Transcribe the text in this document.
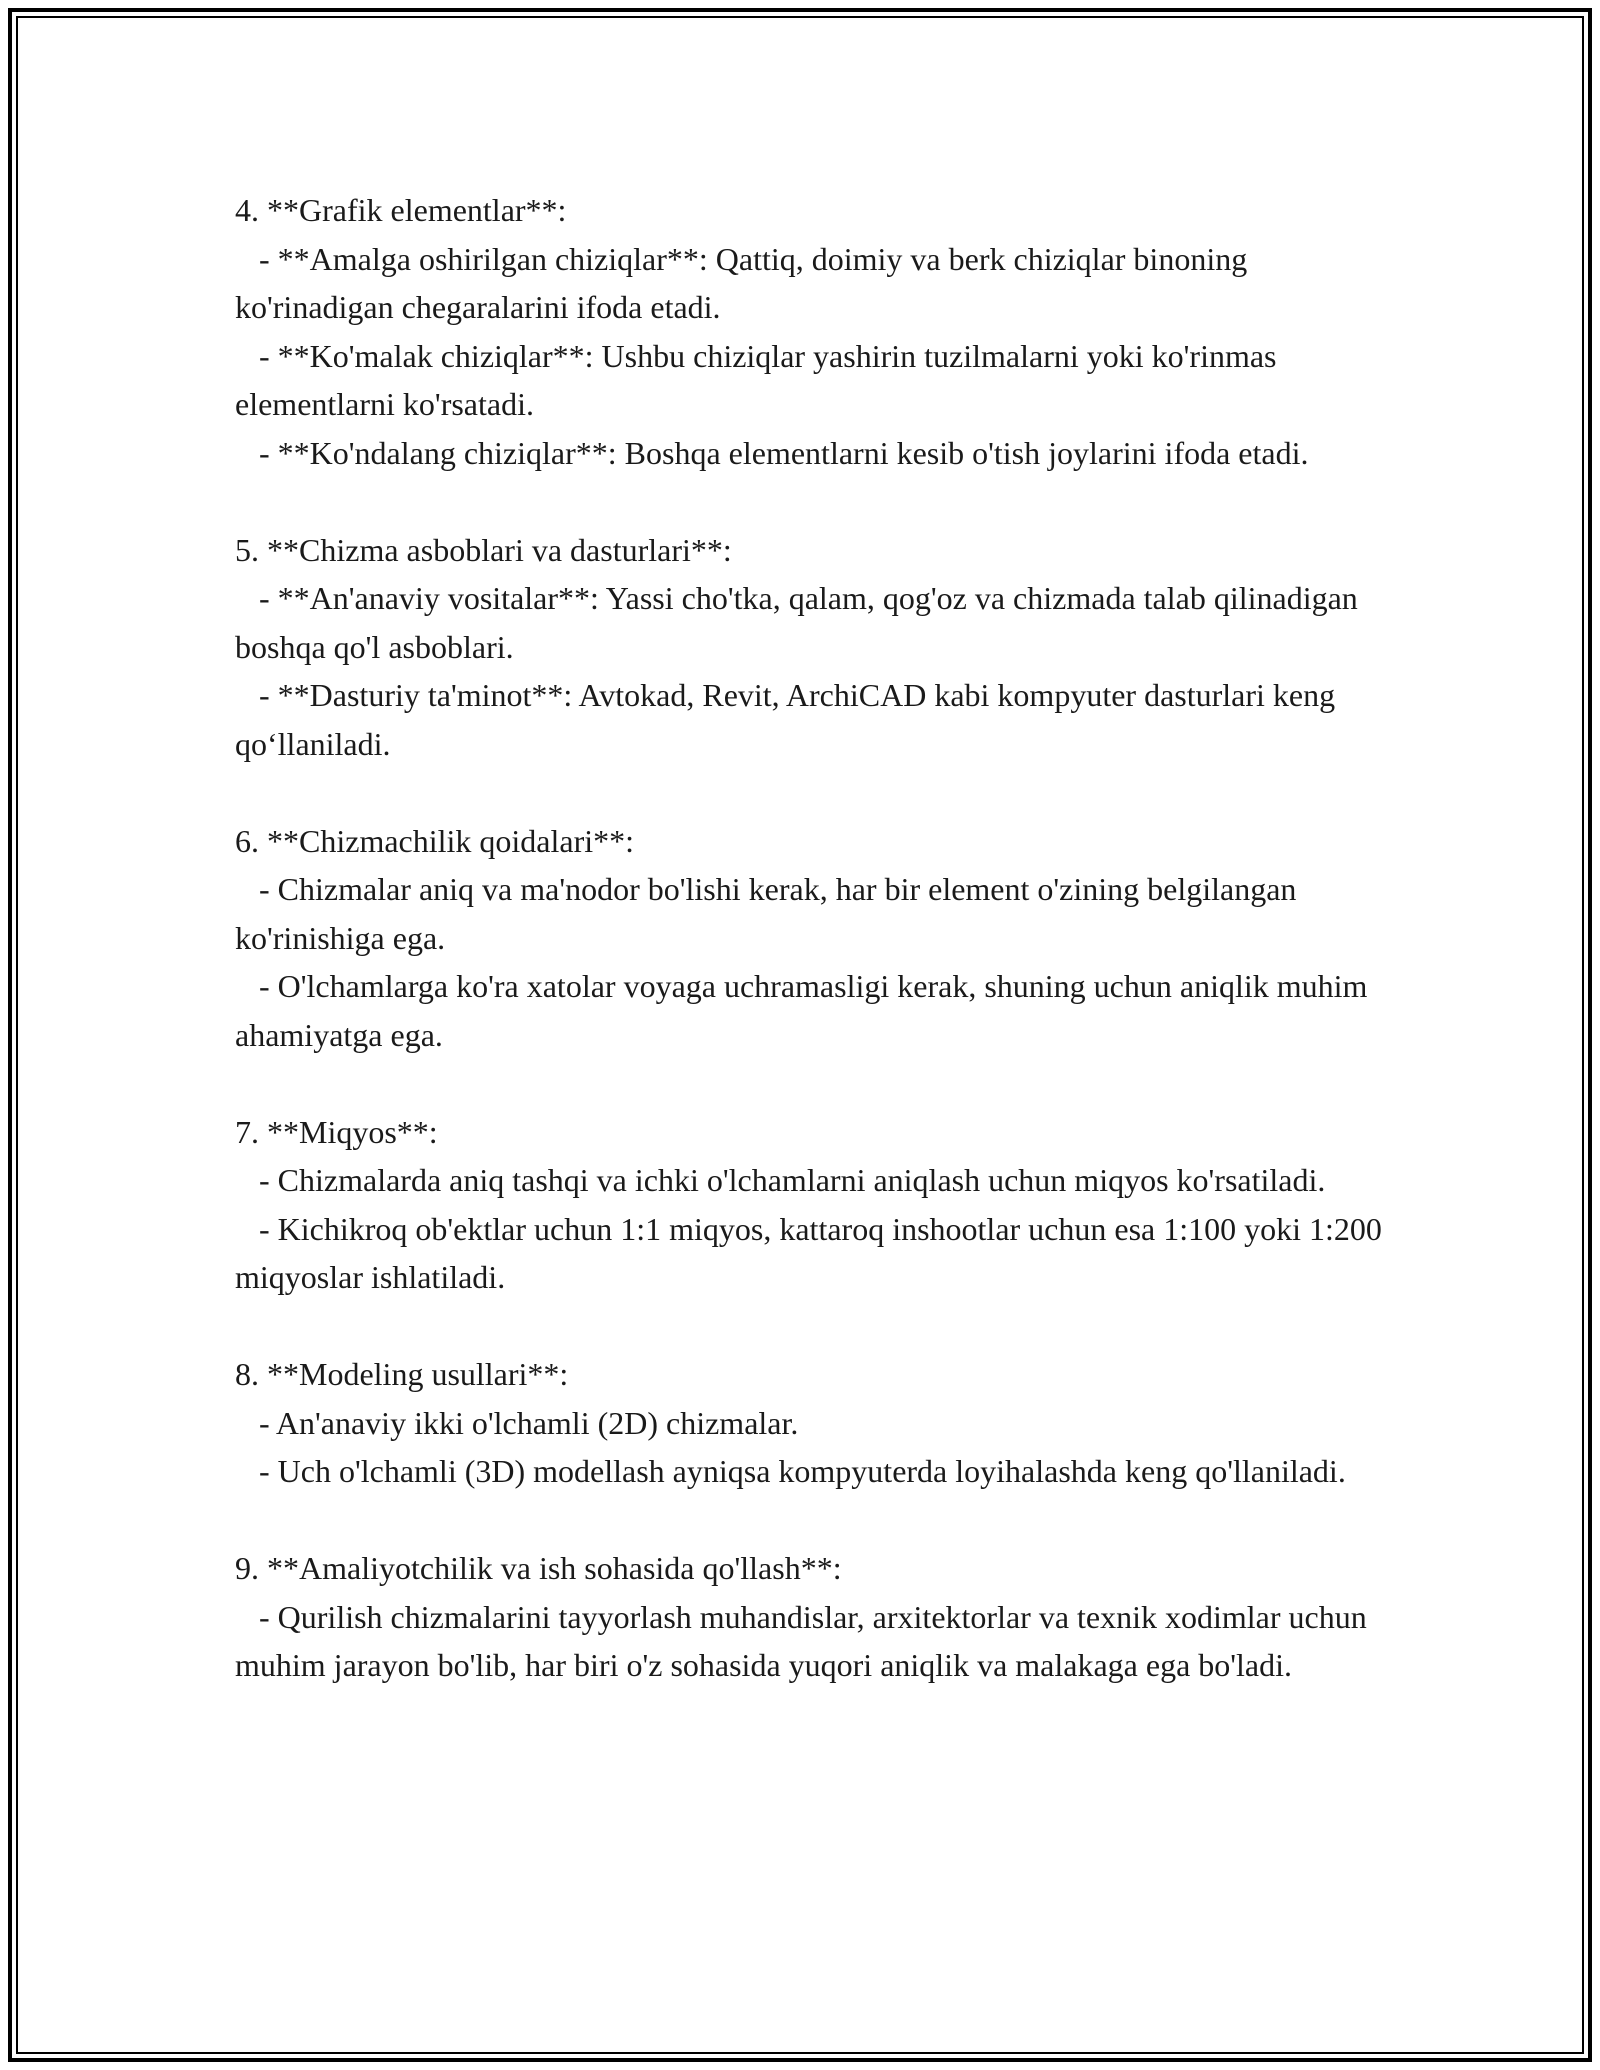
4. **Grafik elementlar**:

- **Amalga oshirilgan chiziqlar**: Qattiq, doimiy va berk chiziqlar binoning ko'rinadigan chegaralarini ifoda etadi.

- **Ko'malak chiziqlar**: Ushbu chiziqlar yashirin tuzilmalarni yoki ko'rinmas elementlarni ko'rsatadi.

- **Ko'ndalang chiziqlar**: Boshqa elementlarni kesib o'tish joylarini ifoda etadi.

5. **Chizma asboblari va dasturlari**:

- **An'anaviy vositalar**: Yassi cho'tka, qalam, qog'oz va chizmada talab qilinadigan boshqa qo'l asboblari.

- **Dasturiy ta'minot**: Avtokad, Revit, ArchiCAD kabi kompyuter dasturlari keng qo‘llaniladi.

6. **Chizmachilik qoidalari**:

- Chizmalar aniq va ma'nodor bo'lishi kerak, har bir element o'zining belgilangan ko'rinishiga ega.

- O'lchamlarga ko'ra xatolar voyaga uchramasligi kerak, shuning uchun aniqlik muhim ahamiyatga ega.

7. **Miqyos**:

- Chizmalarda aniq tashqi va ichki o'lchamlarni aniqlash uchun miqyos ko'rsatiladi.

- Kichikroq ob'ektlar uchun 1:1 miqyos, kattaroq inshootlar uchun esa 1:100 yoki 1:200 miqyoslar ishlatiladi.

8. **Modeling usullari**:

- An'anaviy ikki o'lchamli (2D) chizmalar.

- Uch o'lchamli (3D) modellash ayniqsa kompyuterda loyihalashda keng qo'llaniladi.

9. **Amaliyotchilik va ish sohasida qo'llash**:

- Qurilish chizmalarini tayyorlash muhandislar, arxitektorlar va texnik xodimlar uchun muhim jarayon bo'lib, har biri o'z sohasida yuqori aniqlik va malakaga ega bo'ladi.
